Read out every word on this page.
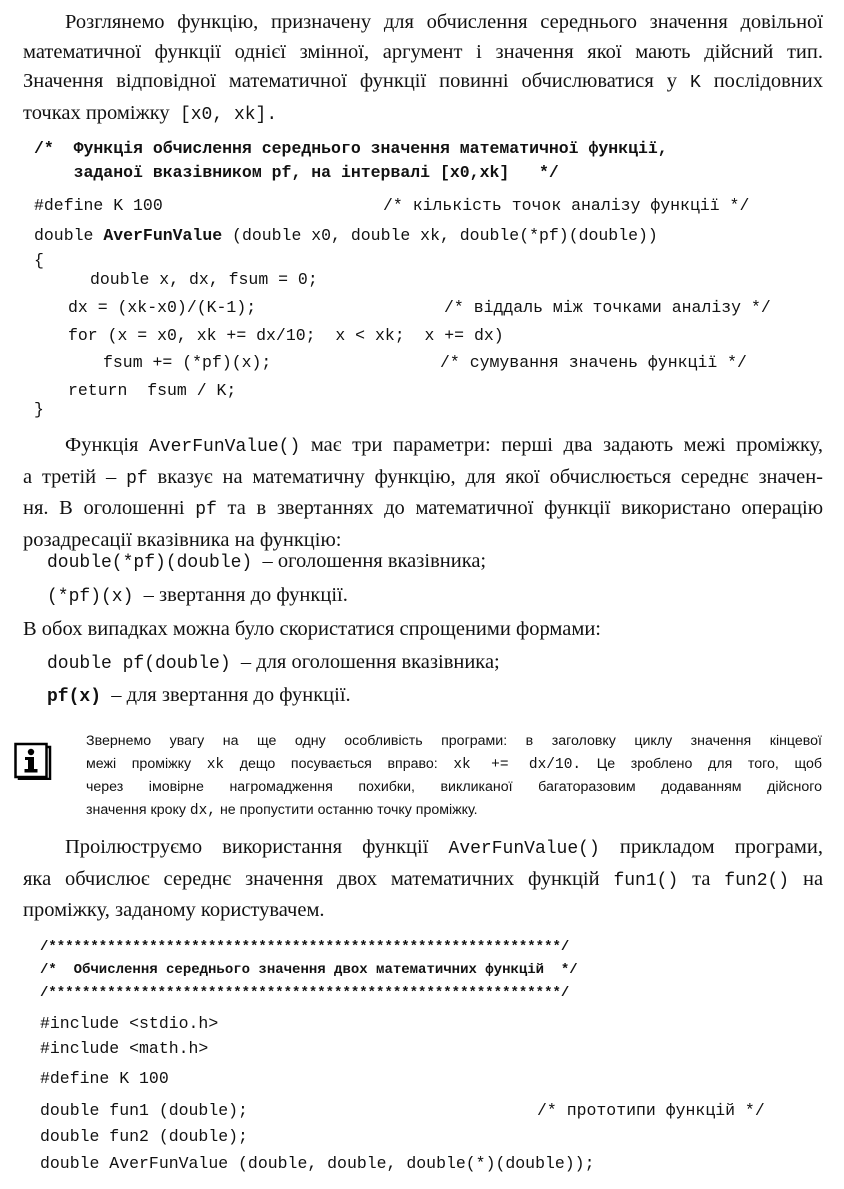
Розглянемо функцію, призначену для обчислення середнього значення довільної
математичної функції однієї змінної, аргумент і значення якої мають дійсний тип.
Значення відповідної математичної функції повинні обчислюватися у K послідовних
точках проміжку [x0, xk].
/*  Функція обчислення середнього значення математичної функції,
заданої вказівником pf, на інтервалі [x0,xk]   */
#define K 100	/* кількість точок аналізу функції */
double AverFunValue (double x0, double xk, double(*pf)(double))
{
double x, dx, fsum = 0;
dx = (xk-x0)/(K-1);	/* віддаль між точками аналізу */
for (x = x0, xk += dx/10;  x < xk;  x += dx)
fsum += (*pf)(x);	/* сумування значень функції */
return  fsum / K;
}
Функція AverFunValue() має три параметри: перші два задають межі проміжку,
а третій – pf вказує на математичну функцію, для якої обчислюється середнє значен-
ня. В оголошенні pf та в звертаннях до математичної функції використано операцію
розадресації вказівника на функцію:
double(*pf)(double) – оголошення вказівника;
(*pf)(x) – звертання до функції.
В обох випадках можна було скористатися спрощеними формами:
double pf(double) – для оголошення вказівника;
pf(x) – для звертання до функції.
Звернемо увагу на ще одну особливість програми: в заголовку циклу значення кінцевої
межі проміжку xk дещо посувається вправо: xk += dx/10. Це зроблено для того, щоб
через імовірне нагромадження похибки, викликаної багаторазовим додаванням дійсного
значення кроку dx, не пропустити останню точку проміжку.
Проілюструємо використання функції AverFunValue() прикладом програми,
яка обчислює середнє значення двох математичних функцій fun1() та fun2() на
проміжку, заданому користувачем.
/*************************************************************/
/*  Обчислення середнього значення двох математичних функцій  */
/*************************************************************/
#include <stdio.h>
#include <math.h>
#define K 100
double fun1 (double);	/* прототипи функцій */
double fun2 (double);
double AverFunValue (double, double, double(*)(double));
